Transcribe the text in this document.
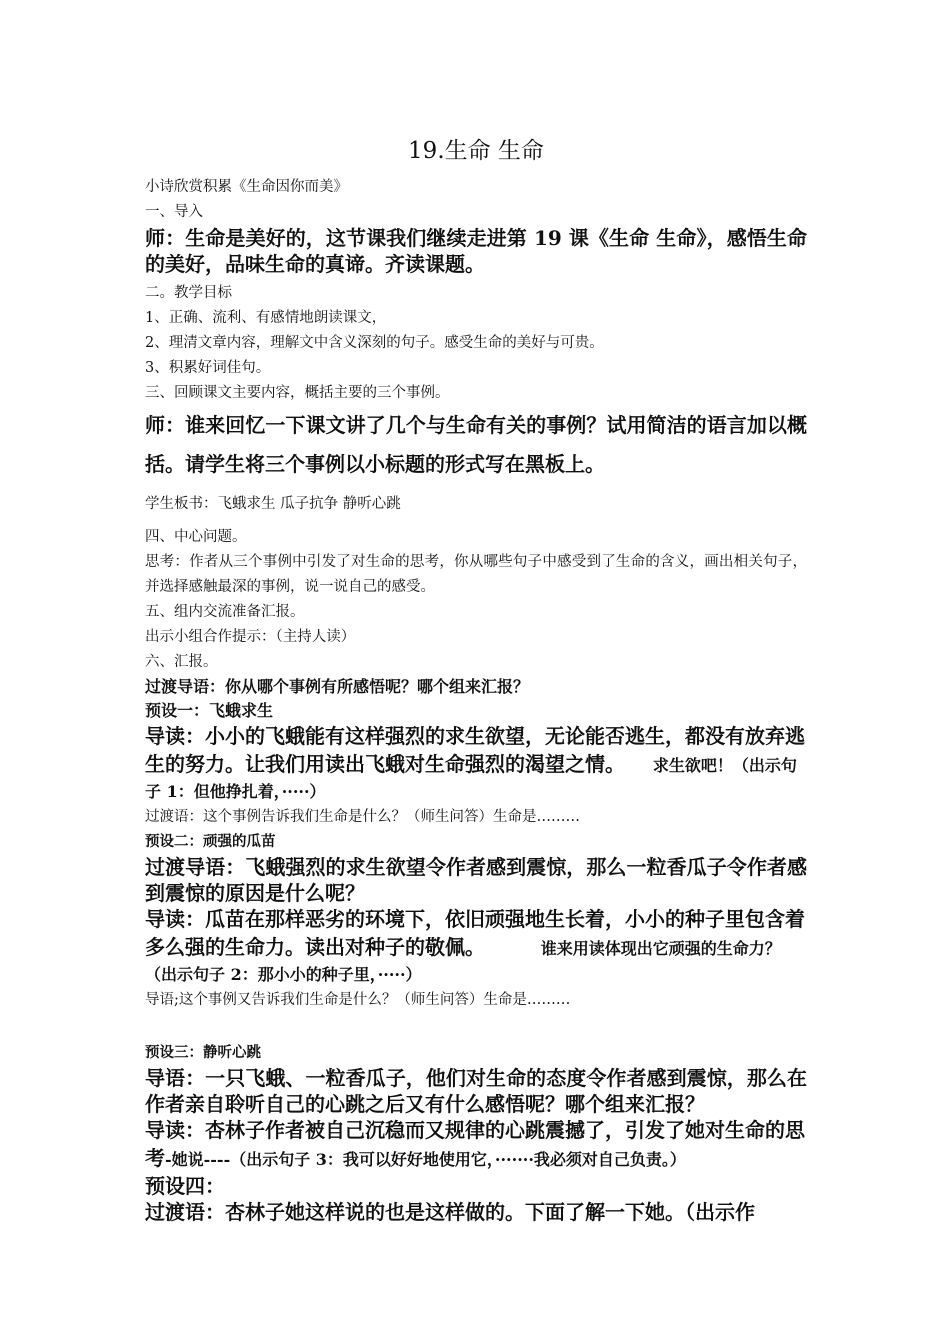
19.生命 生命

小诗欣赏积累《生命因你而美》

一、导入

师：生命是美好的，这节课我们继续走进第 19 课《生命 生命》，感悟生命的美好，品味生命的真谛。齐读课题。

二。教学目标

1、正确、流利、有感情地朗读课文，

2、理清文章内容，理解文中含义深刻的句子。感受生命的美好与可贵。

3、积累好词佳句。

三、回顾课文主要内容，概括主要的三个事例。

师：谁来回忆一下课文讲了几个与生命有关的事例？试用简洁的语言加以概括。请学生将三个事例以小标题的形式写在黑板上。

学生板书：飞蛾求生 瓜子抗争 静听心跳

四、中心问题。

思考：作者从三个事例中引发了对生命的思考，你从哪些句子中感受到了生命的含义，画出相关句子，并选择感触最深的事例，说一说自己的感受。

五、组内交流准备汇报。

出示小组合作提示：（主持人读）

六、汇报。

过渡导语：你从哪个事例有所感悟呢？哪个组来汇报？

预设一：飞蛾求生

导读：小小的飞蛾能有这样强烈的求生欲望，无论能否逃生，都没有放弃逃生的努力。让我们用读出飞蛾对生命强烈的渴望之情。 求生欲吧！（出示句子 1：但他挣扎着，·····）

过渡语：这个事例告诉我们生命是什么？（师生问答）生命是………

预设二：顽强的瓜苗

过渡导语：飞蛾强烈的求生欲望令作者感到震惊，那么一粒香瓜子令作者感到震惊的原因是什么呢？

导读：瓜苗在那样恶劣的环境下，依旧顽强地生长着，小小的种子里包含着多么强的生命力。读出对种子的敬佩。	谁来用读体现出它顽强的生命力？（出示句子 2：那小小的种子里，·····）

导语;这个事例又告诉我们生命是什么？（师生问答）生命是………

预设三：静听心跳

导语：一只飞蛾、一粒香瓜子，他们对生命的态度令作者感到震惊，那么在作者亲自聆听自己的心跳之后又有什么感悟呢？哪个组来汇报？

导读：杏林子作者被自己沉稳而又规律的心跳震撼了，引发了她对生命的思考-她说----（出示句子 3：我可以好好地使用它，·······我必须对自己负责。）

预设四：

过渡语：杏林子她这样说的也是这样做的。下面了解一下她。（出示作
